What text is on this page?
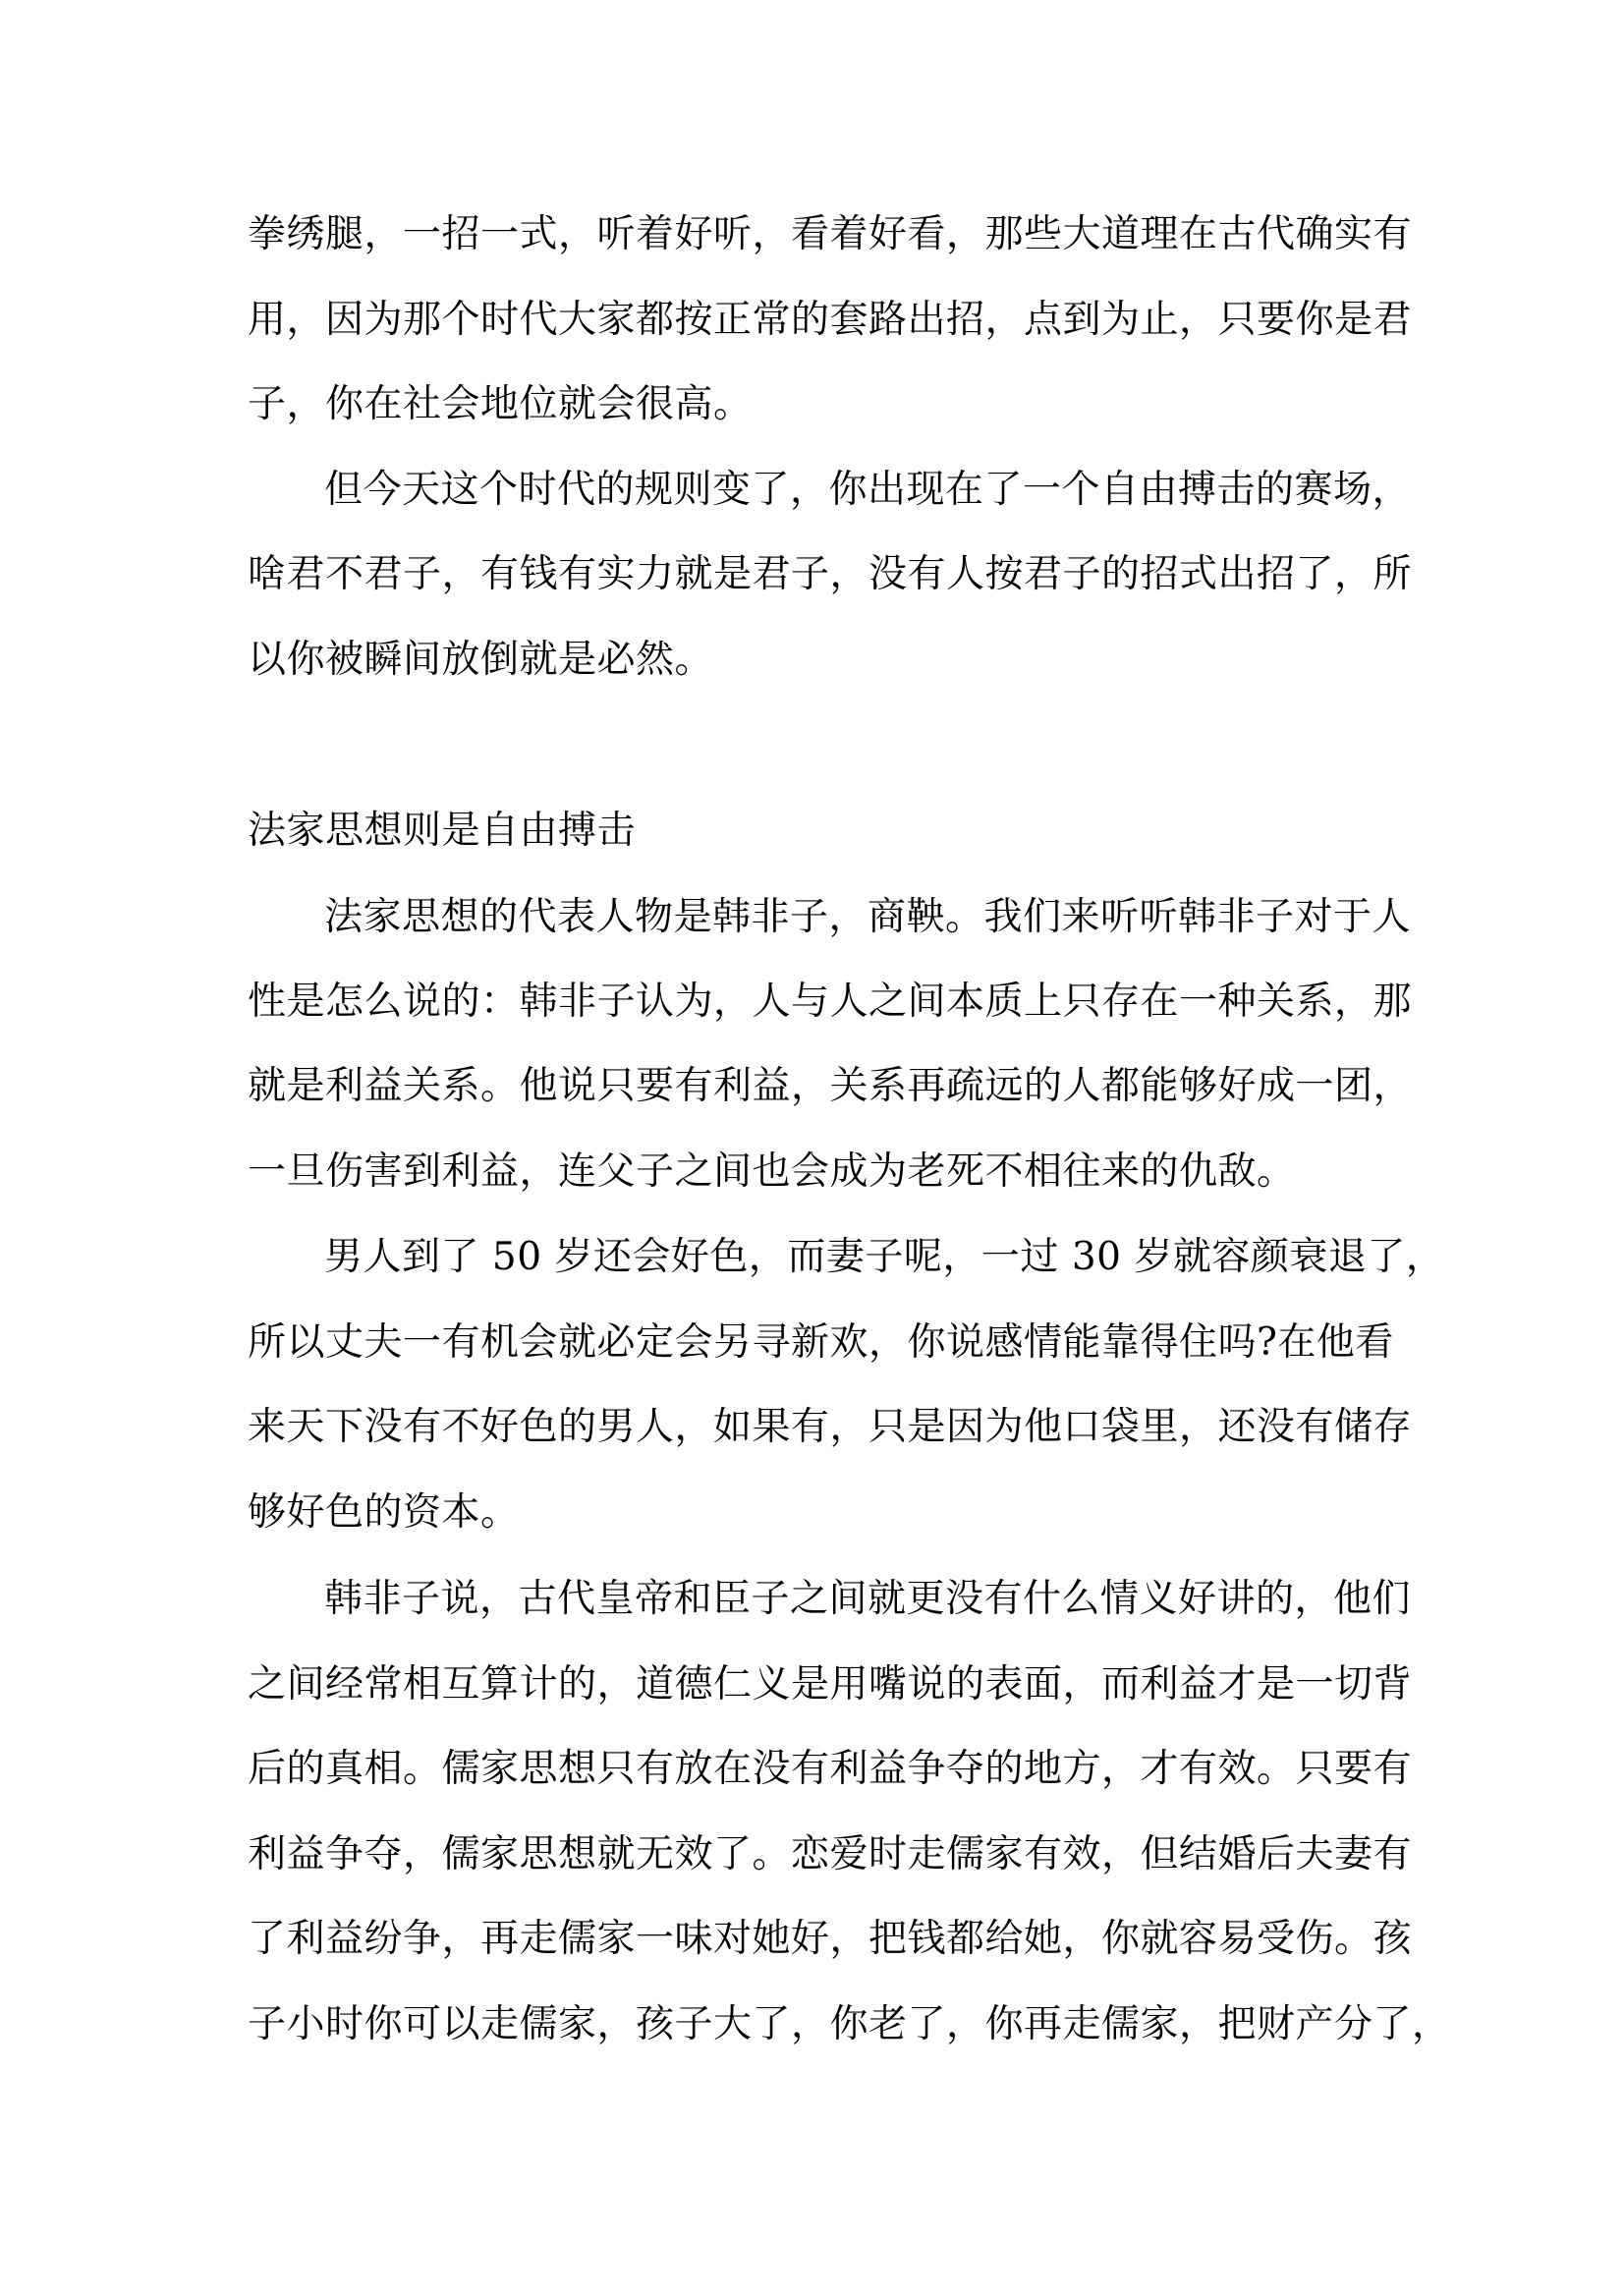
拳绣腿，一招一式，听着好听，看着好看，那些大道理在古代确实有
用，因为那个时代大家都按正常的套路出招，点到为止，只要你是君
子，你在社会地位就会很高。
但今天这个时代的规则变了，你出现在了一个自由搏击的赛场，
啥君不君子，有钱有实力就是君子，没有人按君子的招式出招了，所
以你被瞬间放倒就是必然。
法家思想则是自由搏击
法家思想的代表人物是韩非子，商鞅。我们来听听韩非子对于人
性是怎么说的：韩非子认为，人与人之间本质上只存在一种关系，那
就是利益关系。他说只要有利益，关系再疏远的人都能够好成一团，
一旦伤害到利益，连父子之间也会成为老死不相往来的仇敌。
男人到了 50 岁还会好色，而妻子呢，一过 30 岁就容颜衰退了，
所以丈夫一有机会就必定会另寻新欢，你说感情能靠得住吗?在他看
来天下没有不好色的男人，如果有，只是因为他口袋里，还没有储存
够好色的资本。
韩非子说，古代皇帝和臣子之间就更没有什么情义好讲的，他们
之间经常相互算计的，道德仁义是用嘴说的表面，而利益才是一切背
后的真相。儒家思想只有放在没有利益争夺的地方，才有效。只要有
利益争夺，儒家思想就无效了。恋爱时走儒家有效，但结婚后夫妻有
了利益纷争，再走儒家一味对她好，把钱都给她，你就容易受伤。孩
子小时你可以走儒家，孩子大了，你老了，你再走儒家，把财产分了，
